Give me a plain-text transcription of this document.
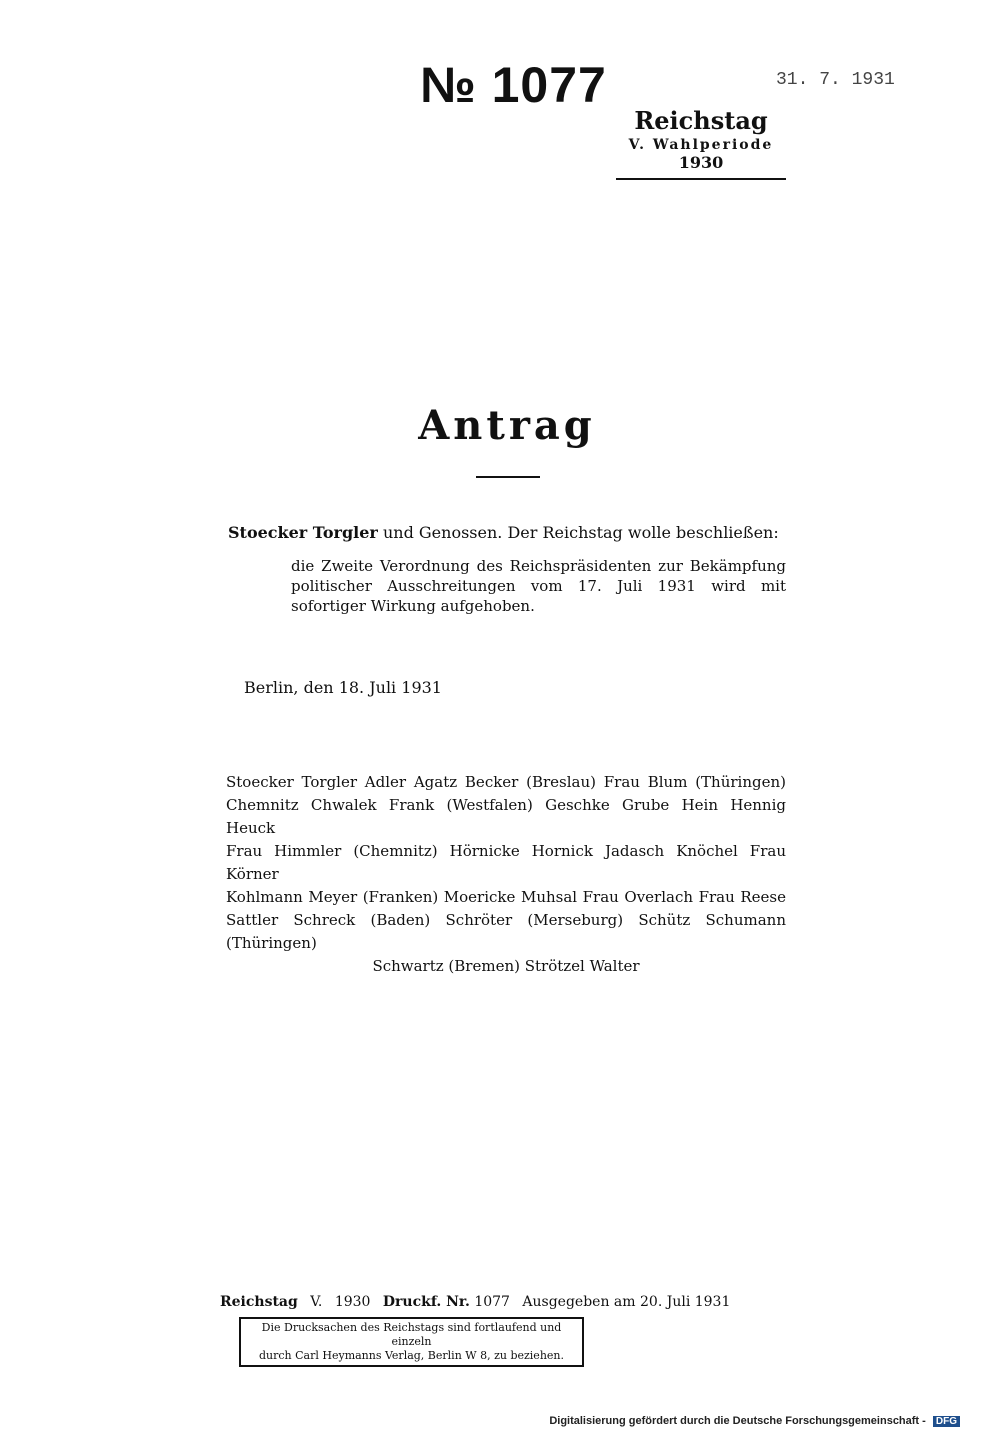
№ 1077	31. 7. 1931
Reichstag
V. Wahlperiode
1930
Antrag
Stoecker Torgler und Genossen. Der Reichstag wolle beschließen:
die Zweite Verordnung des Reichspräsidenten zur Bekämpfung politischer Ausschreitungen vom 17. Juli 1931 wird mit sofortiger Wirkung aufgehoben.
Berlin, den 18. Juli 1931
Stoecker Torgler Adler Agatz Becker (Breslau) Frau Blum (Thüringen)
Chemnitz Chwalek Frank (Westfalen) Geschke Grube Hein Hennig Heuck
Frau Himmler (Chemnitz) Hörnicke Hornick Jadasch Knöchel Frau Körner
Kohlmann Meyer (Franken) Moericke Muhsal Frau Overlach Frau Reese
Sattler Schreck (Baden) Schröter (Merseburg) Schütz Schumann (Thüringen)
Schwartz (Bremen) Strötzel Walter
Reichstag V. 1930 Druckf. Nr. 1077 Ausgegeben am 20. Juli 1931
Die Drucksachen des Reichstags sind fortlaufend und einzeln
durch Carl Heymanns Verlag, Berlin W 8, zu beziehen.
Digitalisierung gefördert durch die Deutsche Forschungsgemeinschaft - DFG
